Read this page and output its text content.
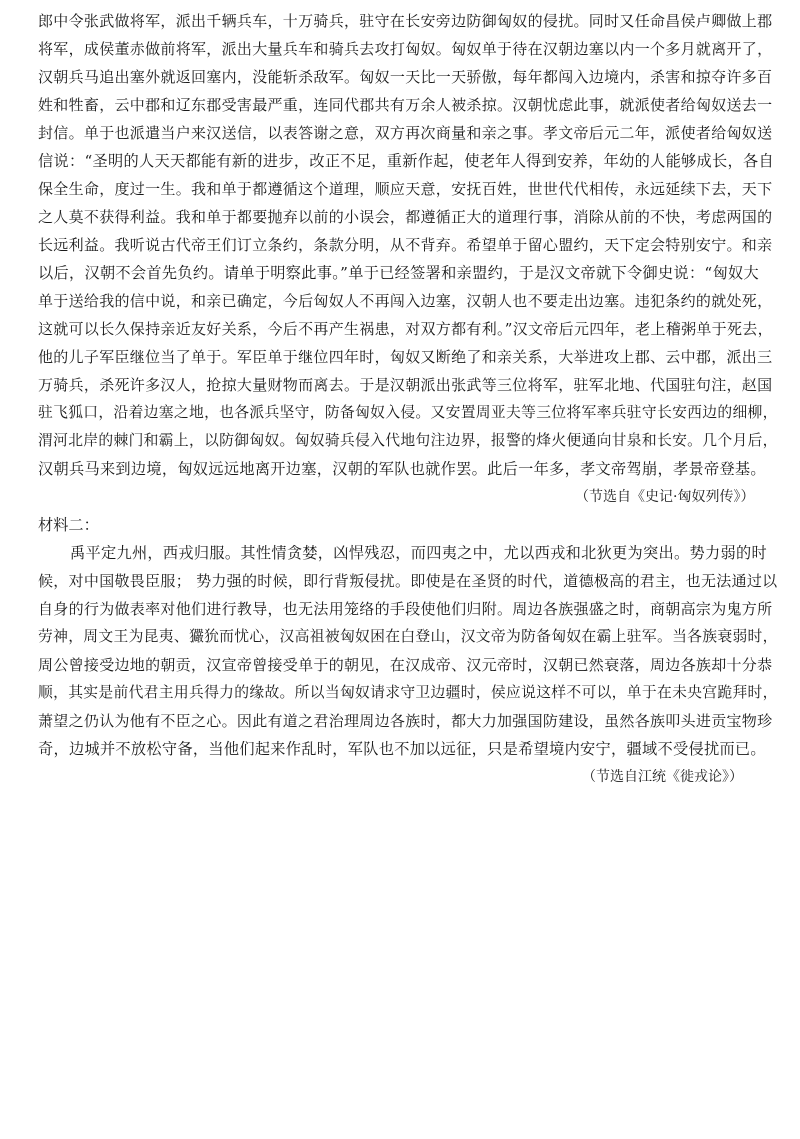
郎中令张武做将军，派出千辆兵车，十万骑兵，驻守在长安旁边防御匈奴的侵扰。同时又任命昌侯卢卿做上郡
将军，成侯董赤做前将军，派出大量兵车和骑兵去攻打匈奴。匈奴单于待在汉朝边塞以内一个多月就离开了，
汉朝兵马追出塞外就返回塞内，没能斩杀敌军。匈奴一天比一天骄傲，每年都闯入边境内，杀害和掠夺许多百
姓和牲畜，云中郡和辽东郡受害最严重，连同代郡共有万余人被杀掠。汉朝忧虑此事，就派使者给匈奴送去一
封信。单于也派遣当户来汉送信，以表答谢之意，双方再次商量和亲之事。孝文帝后元二年，派使者给匈奴送
信说：“圣明的人天天都能有新的进步，改正不足，重新作起，使老年人得到安养，年幼的人能够成长，各自
保全生命，度过一生。我和单于都遵循这个道理，顺应天意，安抚百姓，世世代代相传，永远延续下去，天下
之人莫不获得利益。我和单于都要抛弃以前的小误会，都遵循正大的道理行事，消除从前的不快，考虑两国的
长远利益。我听说古代帝王们订立条约，条款分明，从不背弃。希望单于留心盟约，天下定会特别安宁。和亲
以后，汉朝不会首先负约。请单于明察此事。”单于已经签署和亲盟约，于是汉文帝就下令御史说：“匈奴大
单于送给我的信中说，和亲已确定，今后匈奴人不再闯入边塞，汉朝人也不要走出边塞。违犯条约的就处死，
这就可以长久保持亲近友好关系，今后不再产生祸患，对双方都有利。”汉文帝后元四年，老上稽粥单于死去，
他的儿子军臣继位当了单于。军臣单于继位四年时，匈奴又断绝了和亲关系，大举进攻上郡、云中郡，派出三
万骑兵，杀死许多汉人，抢掠大量财物而离去。于是汉朝派出张武等三位将军，驻军北地、代国驻句注，赵国
驻飞狐口，沿着边塞之地，也各派兵坚守，防备匈奴入侵。又安置周亚夫等三位将军率兵驻守长安西边的细柳，
渭河北岸的棘门和霸上，以防御匈奴。匈奴骑兵侵入代地句注边界，报警的烽火便通向甘泉和长安。几个月后，
汉朝兵马来到边境，匈奴远远地离开边塞，汉朝的军队也就作罢。此后一年多，孝文帝驾崩，孝景帝登基。
（节选自《史记·匈奴列传》）
材料二：
禹平定九州，西戎归服。其性情贪婪，凶悍残忍，而四夷之中，尤以西戎和北狄更为突出。势力弱的时
候，对中国敬畏臣服； 势力强的时候，即行背叛侵扰。即使是在圣贤的时代，道德极高的君主，也无法通过以
自身的行为做表率对他们进行教导，也无法用笼络的手段使他们归附。周边各族强盛之时，商朝高宗为鬼方所
劳神，周文王为昆夷、玁狁而忧心，汉高祖被匈奴困在白登山，汉文帝为防备匈奴在霸上驻军。当各族衰弱时，
周公曾接受边地的朝贡，汉宣帝曾接受单于的朝见，在汉成帝、汉元帝时，汉朝已然衰落，周边各族却十分恭
顺，其实是前代君主用兵得力的缘故。所以当匈奴请求守卫边疆时，侯应说这样不可以，单于在未央宫跪拜时，
萧望之仍认为他有不臣之心。因此有道之君治理周边各族时，都大力加强国防建设，虽然各族叩头进贡宝物珍
奇，边城并不放松守备，当他们起来作乱时，军队也不加以远征，只是希望境内安宁，疆域不受侵扰而已。
（节选自江统《徙戎论》）
